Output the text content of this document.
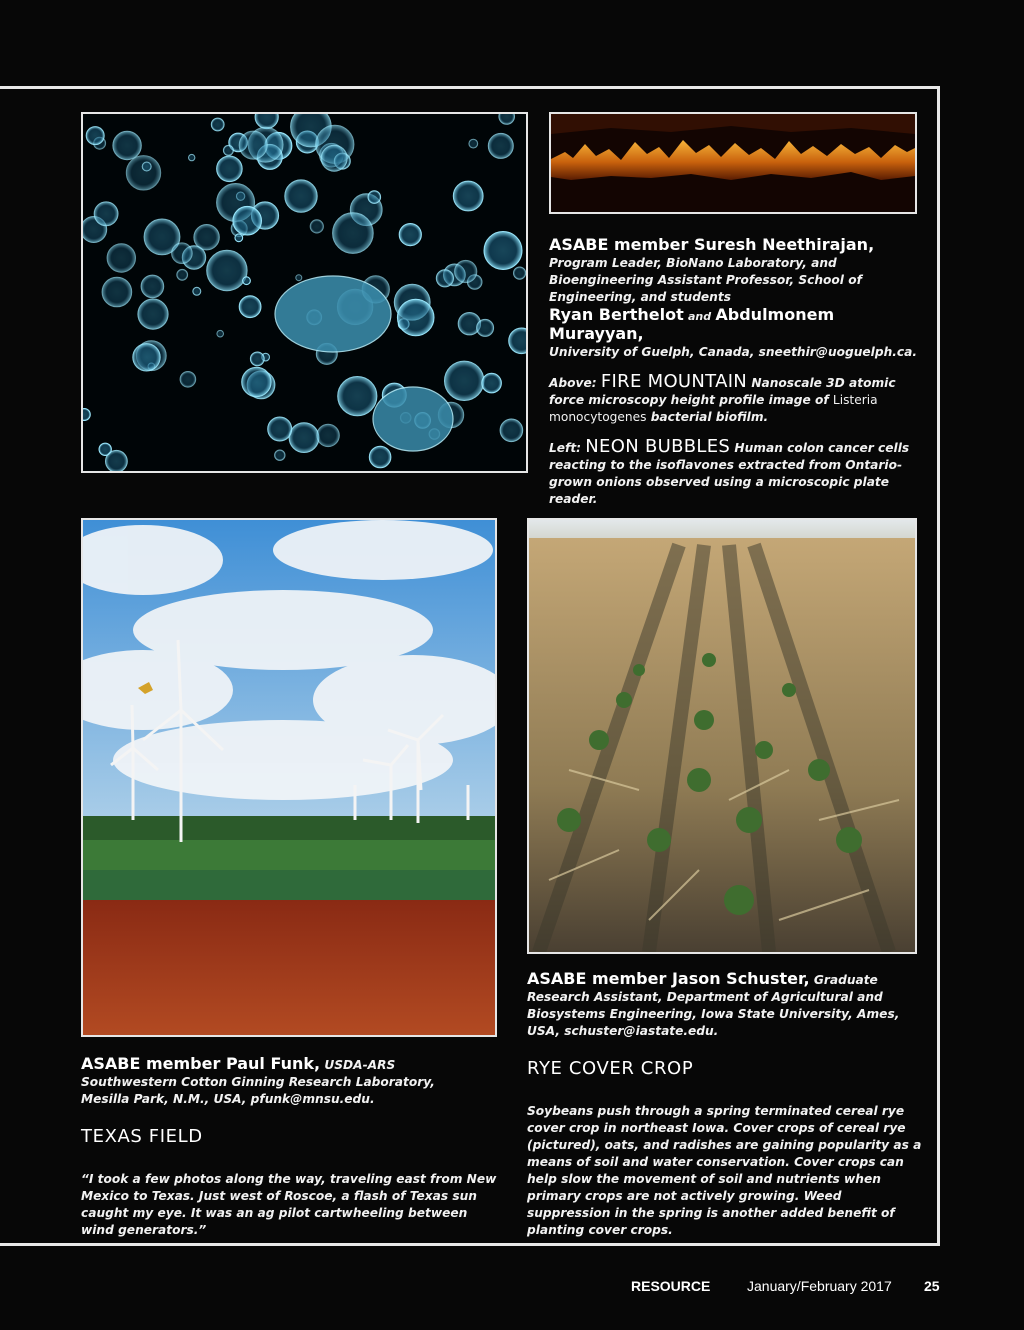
ASABE member Suresh Neethirajan,

Program Leader, BioNano Laboratory, and Bioengineering Assistant Professor, School of Engineering, and students

Ryan Berthelot and Abdulmonem Murayyan,

University of Guelph, Canada, sneethir@uoguelph.ca.

Above: FIRE MOUNTAIN Nanoscale 3D atomic force microscopy height profile image of Listeria monocytogenes bacterial biofilm.

Left: NEON BUBBLES Human colon cancer cells reacting to the isoflavones extracted from Ontario-grown onions observed using a microscopic plate reader.

ASABE member Jason Schuster, Graduate Research Assistant, Department of Agricultural and Biosystems Engineering, Iowa State University, Ames, USA, schuster@iastate.edu.

RYE COVER CROP
Soybeans push through a spring terminated cereal rye cover crop in northeast Iowa. Cover crops of cereal rye (pictured), oats, and radishes are gaining popularity as a means of soil and water conservation. Cover crops can help slow the movement of soil and nutrients when primary crops are not actively growing. Weed suppression in the spring is another added benefit of planting cover crops.

ASABE member Paul Funk, USDA-ARS Southwestern Cotton Ginning Research Laboratory, Mesilla Park, N.M., USA, pfunk@mnsu.edu.

TEXAS FIELD
“I took a few photos along the way, traveling east from New Mexico to Texas. Just west of Roscoe, a flash of Texas sun caught my eye. It was an ag pilot cartwheeling between wind generators.”
RESOURCE	January/February 2017 25
